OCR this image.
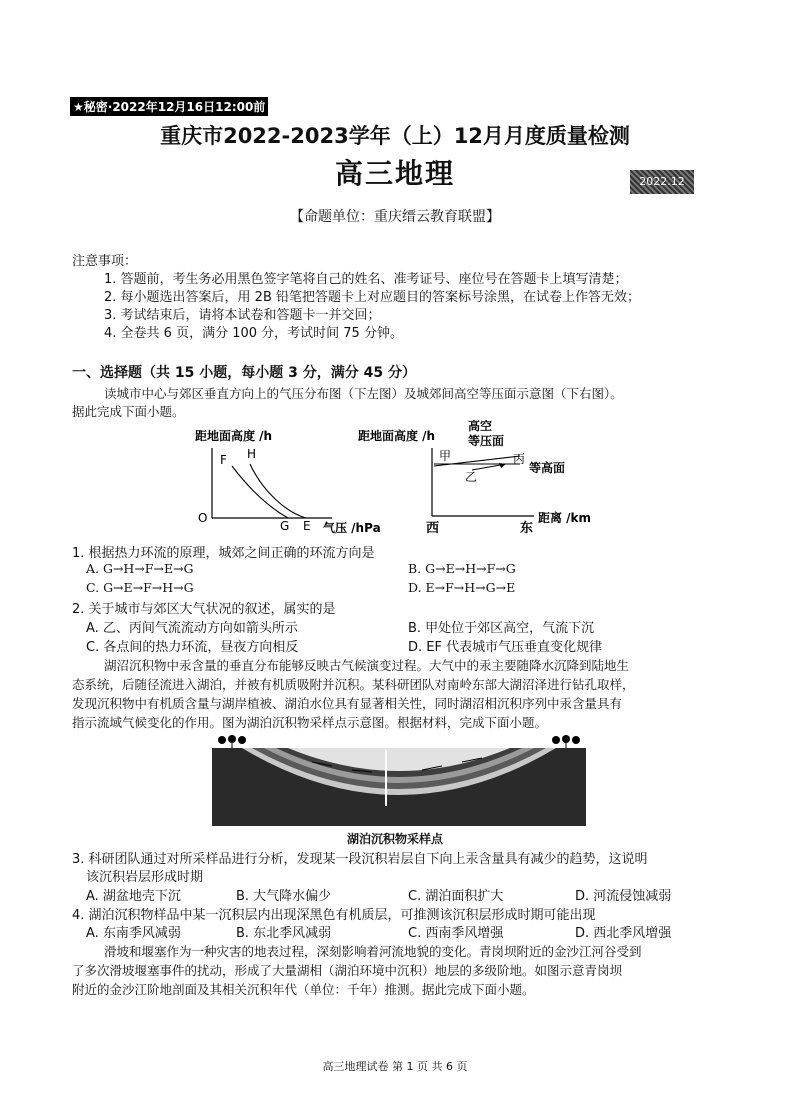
★秘密·2022年12月16日12:00前
重庆市2022-2023学年（上）12月月度质量检测
高三地理	2022.12
【命题单位：重庆缙云教育联盟】
注意事项：
1. 答题前，考生务必用黑色签字笔将自己的姓名、准考证号、座位号在答题卡上填写清楚；
2. 每小题选出答案后，用 2B 铅笔把答题卡上对应题目的答案标号涂黑，在试卷上作答无效；
3. 考试结束后，请将本试卷和答题卡一并交回；
4. 全卷共 6 页，满分 100 分，考试时间 75 分钟。
一、选择题（共 15 小题，每小题 3 分，满分 45 分）
读城市中心与郊区垂直方向上的气压分布图（下左图）及城郊间高空等压面示意图（下右图）。
据此完成下面小题。
距地面高度 /h
O
F H
G E 气压 /hPa
距地面高度 /h
高空
等压面
甲
乙
丙
等高面
西	东
距离 /km
1. 根据热力环流的原理，城郊之间正确的环流方向是
A. G→H→F→E→G	B. G→E→H→F→G
C. G→E→F→H→G	D. E→F→H→G→E
2. 关于城市与郊区大气状况的叙述，属实的是
A. 乙、丙间气流流动方向如箭头所示	B. 甲处位于郊区高空，气流下沉
C. 各点间的热力环流，昼夜方向相反	D. EF 代表城市气压垂直变化规律
湖沼沉积物中汞含量的垂直分布能够反映古气候演变过程。大气中的汞主要随降水沉降到陆地生
态系统，后随径流进入湖泊，并被有机质吸附并沉积。某科研团队对南岭东部大湖沼泽进行钻孔取样，
发现沉积物中有机质含量与湖岸植被、湖泊水位具有显著相关性，同时湖沼相沉积序列中汞含量具有
指示流域气候变化的作用。图为湖泊沉积物采样点示意图。根据材料，完成下面小题。
湖泊沉积物采样点
3. 科研团队通过对所采样品进行分析，发现某一段沉积岩层自下向上汞含量具有减少的趋势，这说明
该沉积岩层形成时期
A. 湖盆地壳下沉	B. 大气降水偏少	C. 湖泊面积扩大	D. 河流侵蚀减弱
4. 湖泊沉积物样品中某一沉积层内出现深黑色有机质层，可推测该沉积层形成时期可能出现
A. 东南季风减弱	B. 东北季风减弱	C. 西南季风增强	D. 西北季风增强
滑坡和堰塞作为一种灾害的地表过程，深刻影响着河流地貌的变化。青岗坝附近的金沙江河谷受到
了多次滑坡堰塞事件的扰动，形成了大量湖相（湖泊环境中沉积）地层的多级阶地。如图示意青岗坝
附近的金沙江阶地剖面及其相关沉积年代（单位：千年）推测。据此完成下面小题。
高三地理试卷 第 1 页 共 6 页
